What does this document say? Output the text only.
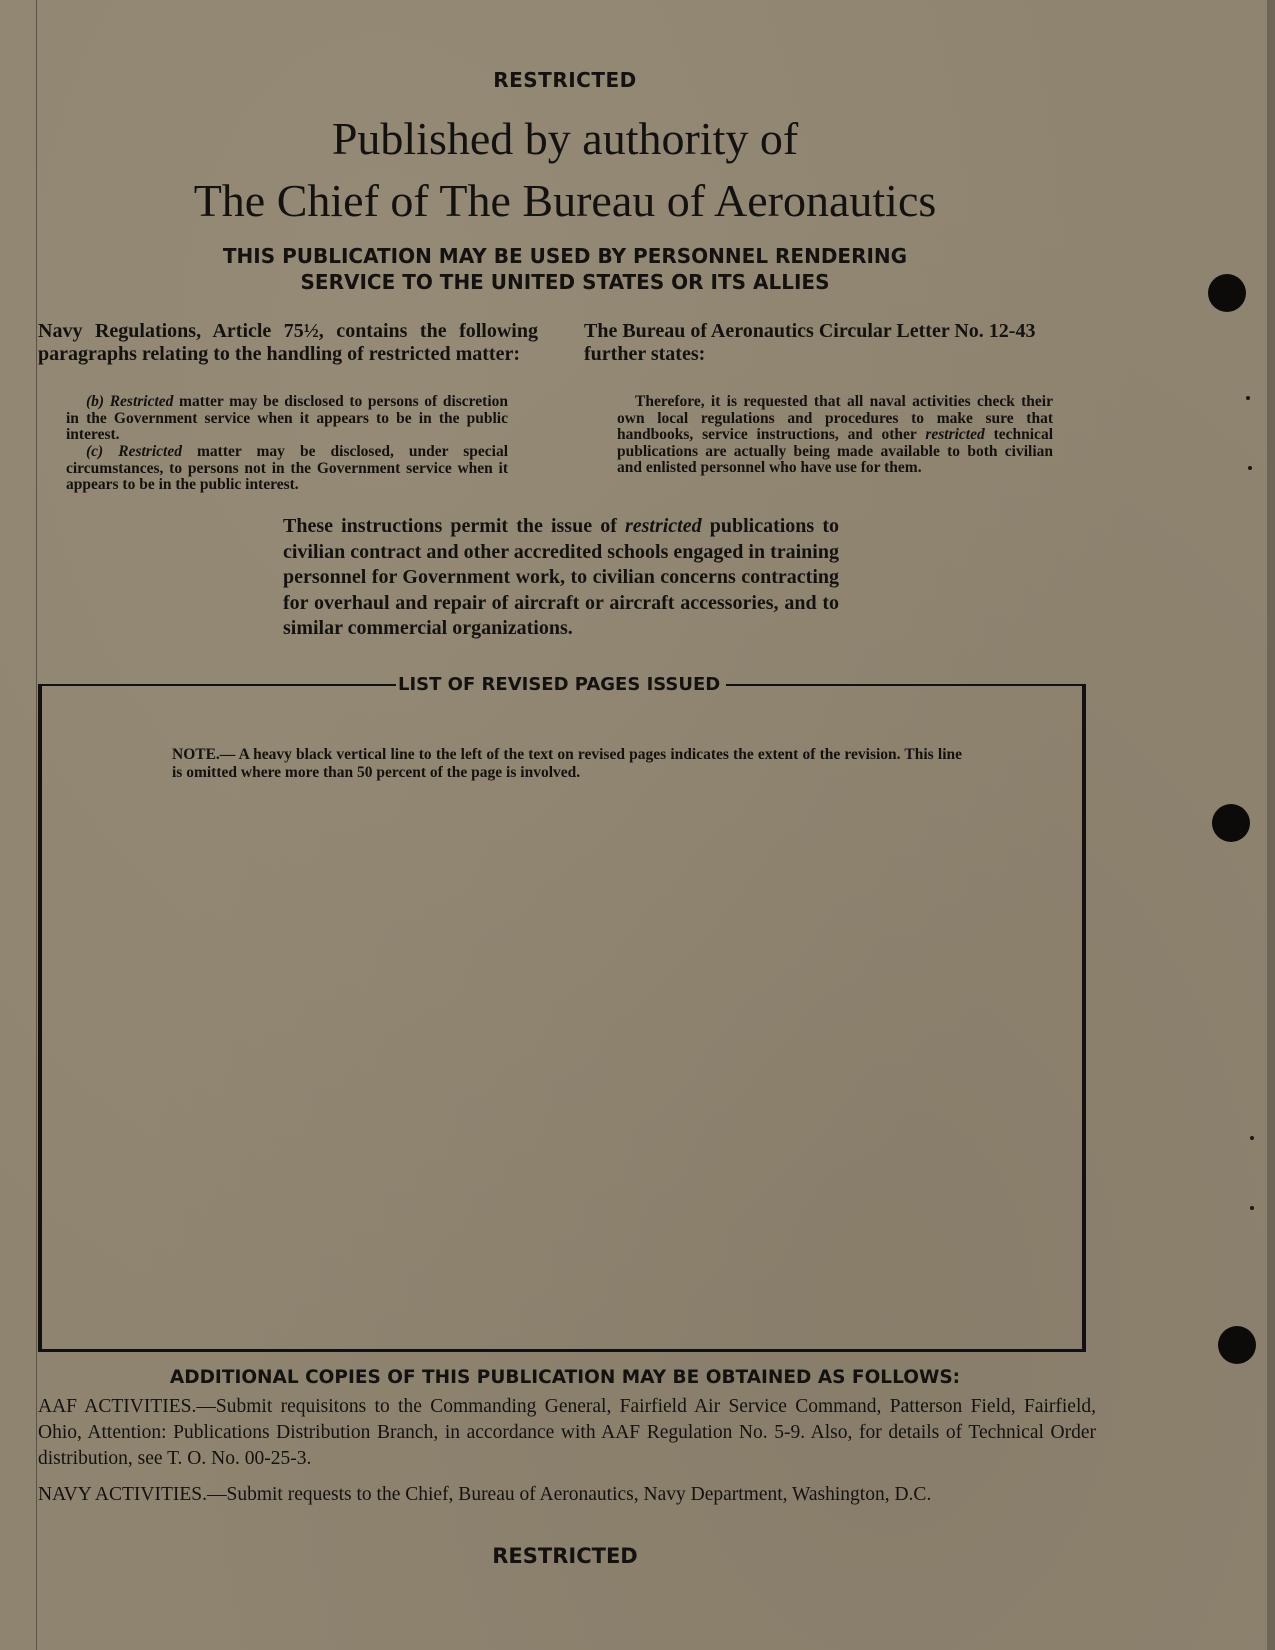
RESTRICTED
Published by authority of
The Chief of The Bureau of Aeronautics
THIS PUBLICATION MAY BE USED BY PERSONNEL RENDERING
SERVICE TO THE UNITED STATES OR ITS ALLIES
Navy Regulations, Article 75½, contains the following paragraphs relating to the handling of restricted matter:
(b) Restricted matter may be disclosed to persons of discretion in the Government service when it appears to be in the public interest.
(c) Restricted matter may be disclosed, under special circumstances, to persons not in the Government service when it appears to be in the public interest.
The Bureau of Aeronautics Circular Letter No. 12-43 further states:
Therefore, it is requested that all naval activities check their own local regulations and procedures to make sure that handbooks, service instructions, and other restricted technical publications are actually being made available to both civilian and enlisted personnel who have use for them.
These instructions permit the issue of restricted publications to civilian contract and other accredited schools engaged in training personnel for Government work, to civilian concerns contracting for overhaul and repair of aircraft or aircraft accessories, and to similar commercial organizations.
LIST OF REVISED PAGES ISSUED
NOTE.— A heavy black vertical line to the left of the text on revised pages indicates the extent of the revision. This line is omitted where more than 50 percent of the page is involved.
ADDITIONAL COPIES OF THIS PUBLICATION MAY BE OBTAINED AS FOLLOWS:
AAF ACTIVITIES.—Submit requisitons to the Commanding General, Fairfield Air Service Command, Patterson Field, Fairfield, Ohio, Attention: Publications Distribution Branch, in accordance with AAF Regulation No. 5-9. Also, for details of Technical Order distribution, see T. O. No. 00-25-3.
NAVY ACTIVITIES.—Submit requests to the Chief, Bureau of Aeronautics, Navy Department, Washington, D.C.
RESTRICTED
